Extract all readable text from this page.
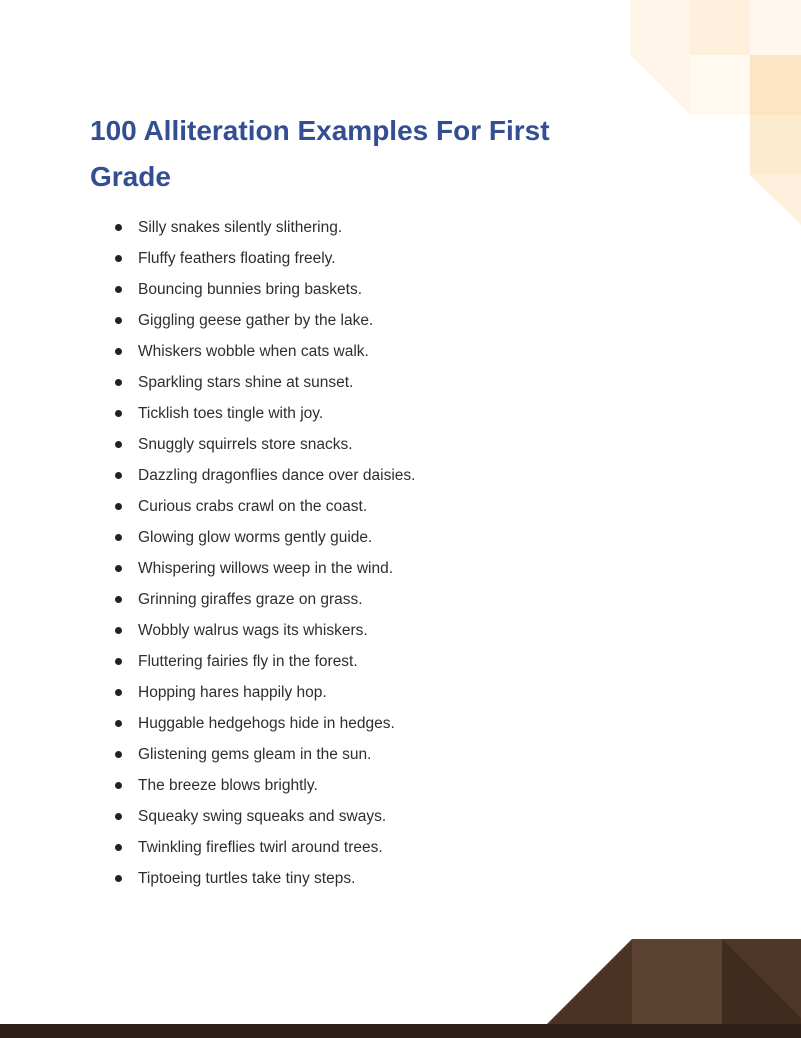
100 Alliteration Examples For First Grade
Silly snakes silently slithering.
Fluffy feathers floating freely.
Bouncing bunnies bring baskets.
Giggling geese gather by the lake.
Whiskers wobble when cats walk.
Sparkling stars shine at sunset.
Ticklish toes tingle with joy.
Snuggly squirrels store snacks.
Dazzling dragonflies dance over daisies.
Curious crabs crawl on the coast.
Glowing glow worms gently guide.
Whispering willows weep in the wind.
Grinning giraffes graze on grass.
Wobbly walrus wags its whiskers.
Fluttering fairies fly in the forest.
Hopping hares happily hop.
Huggable hedgehogs hide in hedges.
Glistening gems gleam in the sun.
The breeze blows brightly.
Squeaky swing squeaks and sways.
Twinkling fireflies twirl around trees.
Tiptoeing turtles take tiny steps.
